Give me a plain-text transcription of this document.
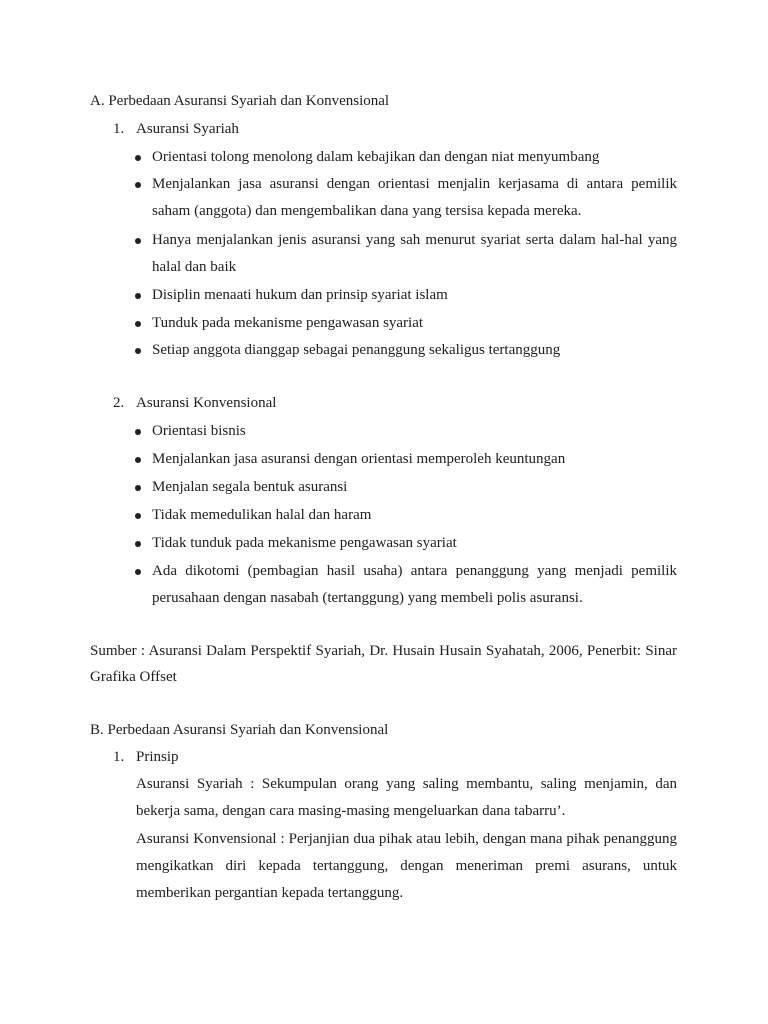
A. Perbedaan Asuransi Syariah dan Konvensional
1. Asuransi Syariah
Orientasi tolong menolong dalam kebajikan dan dengan niat menyumbang
Menjalankan jasa asuransi dengan orientasi menjalin kerjasama di antara pemilik
saham (anggota) dan mengembalikan dana yang tersisa kepada mereka.
Hanya menjalankan jenis asuransi yang sah menurut syariat serta dalam hal-hal yang
halal dan baik
Disiplin menaati hukum dan prinsip syariat islam
Tunduk pada mekanisme pengawasan syariat
Setiap anggota dianggap sebagai penanggung sekaligus tertanggung
2. Asuransi Konvensional
Orientasi bisnis
Menjalankan jasa asuransi dengan orientasi memperoleh keuntungan
Menjalan segala bentuk asuransi
Tidak memedulikan halal dan haram
Tidak tunduk pada mekanisme pengawasan syariat
Ada dikotomi (pembagian hasil usaha) antara penanggung yang menjadi pemilik
perusahaan dengan nasabah (tertanggung) yang membeli polis asuransi.
Sumber : Asuransi Dalam Perspektif Syariah, Dr. Husain Husain Syahatah, 2006, Penerbit: Sinar
Grafika Offset
B. Perbedaan Asuransi Syariah dan Konvensional
1. Prinsip
Asuransi Syariah : Sekumpulan orang yang saling membantu, saling menjamin, dan
bekerja sama, dengan cara masing-masing mengeluarkan dana tabarru’.
Asuransi Konvensional : Perjanjian dua pihak atau lebih, dengan mana pihak penanggung
mengikatkan diri kepada tertanggung, dengan meneriman premi asurans, untuk
memberikan pergantian kepada tertanggung.
